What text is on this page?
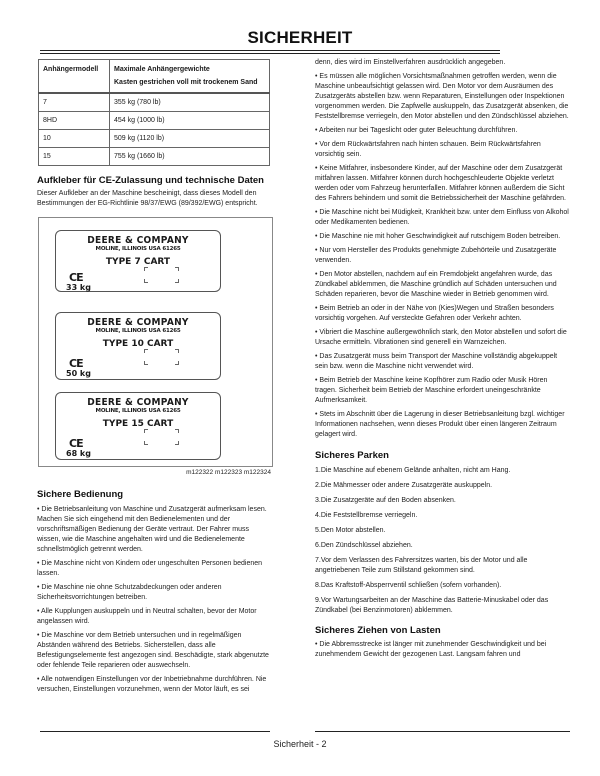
SICHERHEIT
Anhängermodell	Maximale Anhängergewichte
Kasten gestrichen voll mit trockenem Sand

7	355 kg (780 lb)
8HD	454 kg (1000 lb)
10	509 kg (1120 lb)
15	755 kg (1660 lb)
Aufkleber für CE-Zulassung und technische Daten

Dieser Aufkleber an der Maschine bescheinigt, dass dieses Modell den Bestimmungen der EG-Richtlinie 98/37/EWG (89/392/EWG) entspricht.

DEERE & COMPANY
MOLINE, ILLINOIS USA 61265
TYPE 7 CART
CE
33 kg
DEERE & COMPANY
MOLINE, ILLINOIS USA 61265
TYPE 10 CART
CE
50 kg
DEERE & COMPANY
MOLINE, ILLINOIS USA 61265
TYPE 15 CART
CE
68 kg
m122322 m122323 m122324
Sichere Bedienung

• Die Betriebsanleitung von Maschine und Zusatzgerät aufmerksam lesen. Machen Sie sich eingehend mit den Bedienelementen und der vorschriftsmäßigen Bedienung der Geräte vertraut. Der Fahrer muss wissen, wie die Maschine angehalten wird und die Bedienelemente schnellstmöglich getrennt werden.

• Die Maschine nicht von Kindern oder ungeschulten Personen bedienen lassen.

• Die Maschine nie ohne Schutzabdeckungen oder anderen Sicherheitsvorrichtungen betreiben.

• Alle Kupplungen auskuppeln und in Neutral schalten, bevor der Motor angelassen wird.

• Die Maschine vor dem Betrieb untersuchen und in regelmäßigen Abständen während des Betriebs. Sicherstellen, dass alle Befestigungselemente fest angezogen sind. Beschädigte, stark abgenutzte oder fehlende Teile reparieren oder auswechseln.

• Alle notwendigen Einstellungen vor der Inbetriebnahme durchführen. Nie versuchen, Einstellungen vorzunehmen, wenn der Motor läuft, es sei

denn, dies wird im Einstellverfahren ausdrücklich angegeben.

• Es müssen alle möglichen Vorsichtsmaßnahmen getroffen werden, wenn die Maschine unbeaufsichtigt gelassen wird. Den Motor vor dem Ausräumen des Zusatzgeräts abstellen bzw. wenn Reparaturen, Einstellungen oder Inspektionen vorgenommen werden. Die Zapfwelle auskuppeln, das Zusatzgerät absenken, die Feststellbremse verriegeln, den Motor abstellen und den Zündschlüssel abziehen.

• Arbeiten nur bei Tageslicht oder guter Beleuchtung durchführen.

• Vor dem Rückwärtsfahren nach hinten schauen. Beim Rückwärtsfahren vorsichtig sein.

• Keine Mitfahrer, insbesondere Kinder, auf der Maschine oder dem Zusatzgerät mitfahren lassen. Mitfahrer können durch hochgeschleuderte Objekte verletzt werden oder vom Fahrzeug herunterfallen. Mitfahrer können außerdem die Sicht des Fahrers behindern und somit die Betriebssicherheit der Maschine gefährden.

• Die Maschine nicht bei Müdigkeit, Krankheit bzw. unter dem Einfluss von Alkohol oder Medikamenten bedienen.

• Die Maschine nie mit hoher Geschwindigkeit auf rutschigem Boden betreiben.

• Nur vom Hersteller des Produkts genehmigte Zubehörteile und Zusatzgeräte verwenden.

• Den Motor abstellen, nachdem auf ein Fremdobjekt angefahren wurde, das Zündkabel abklemmen, die Maschine gründlich auf Schäden untersuchen und Schäden reparieren, bevor die Maschine wieder in Betrieb genommen wird.

• Beim Betrieb an oder in der Nähe von (Kies)Wegen und Straßen besonders vorsichtig vorgehen. Auf versteckte Gefahren oder Verkehr achten.

• Vibriert die Maschine außergewöhnlich stark, den Motor abstellen und sofort die Ursache ermitteln. Vibrationen sind generell ein Warnzeichen.

• Das Zusatzgerät muss beim Transport der Maschine vollständig abgekuppelt sein bzw. wenn die Maschine nicht verwendet wird.

• Beim Betrieb der Maschine keine Kopfhörer zum Radio oder Musik Hören tragen. Sicherheit beim Betrieb der Maschine erfordert uneingeschränkte Aufmerksamkeit.

• Stets im Abschnitt über die Lagerung in dieser Betriebsanleitung bzgl. wichtiger Informationen nachsehen, wenn dieses Produkt über einen längeren Zeitraum gelagert wird.

Sicheres Parken

1.Die Maschine auf ebenem Gelände anhalten, nicht am Hang.

2.Die Mähmesser oder andere Zusatzgeräte auskuppeln.

3.Die Zusatzgeräte auf den Boden absenken.

4.Die Feststellbremse verriegeln.

5.Den Motor abstellen.

6.Den Zündschlüssel abziehen.

7.Vor dem Verlassen des Fahrersitzes warten, bis der Motor und alle angetriebenen Teile zum Stillstand gekommen sind.

8.Das Kraftstoff-Absperrventil schließen (sofern vorhanden).

9.Vor Wartungsarbeiten an der Maschine das Batterie-Minuskabel oder das Zündkabel (bei Benzinmotoren) abklemmen.

Sicheres Ziehen von Lasten

• Die Abbremsstrecke ist länger mit zunehmender Geschwindigkeit und bei zunehmendem Gewicht der gezogenen Last. Langsam fahren und

Sicherheit - 2
